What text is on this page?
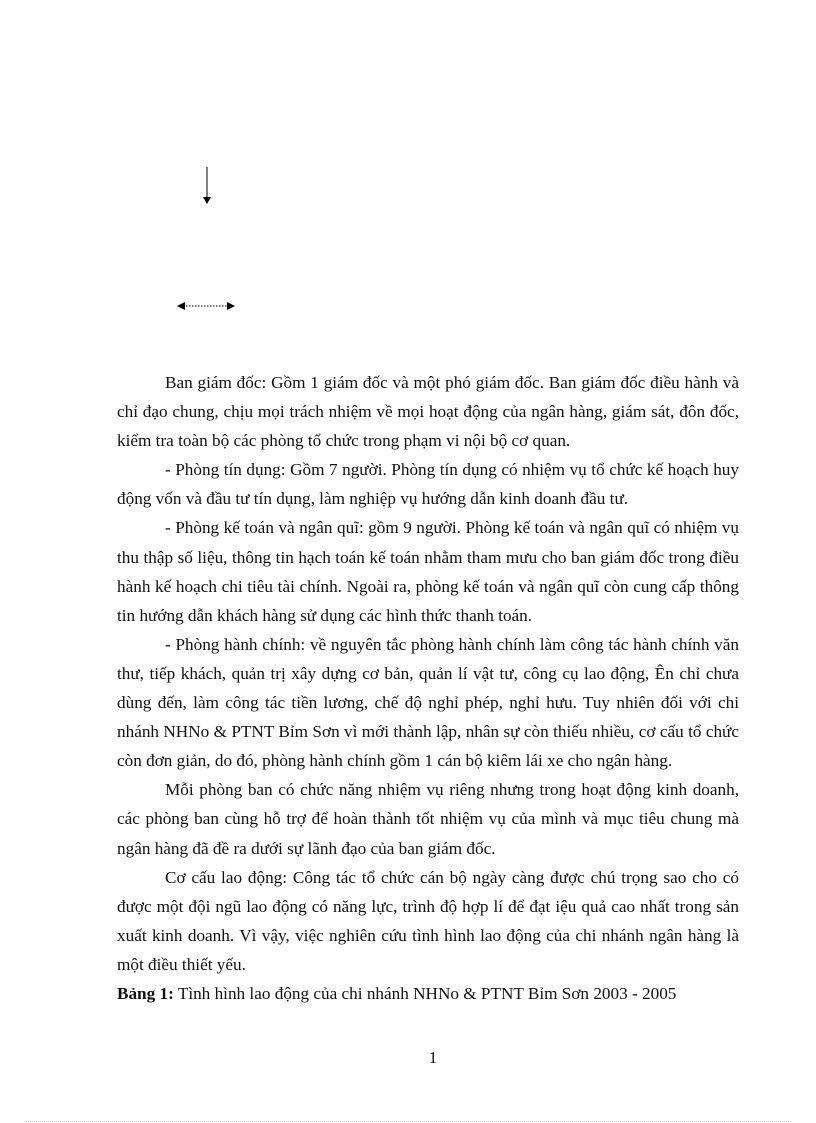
Ban giám đốc: Gồm 1 giám đốc và một phó giám đốc. Ban giám đốc điều hành và chỉ đạo chung, chịu mọi trách nhiệm về mọi hoạt động của ngân hàng, giám sát, đôn đốc, kiểm tra toàn bộ các phòng tổ chức trong phạm vi nội bộ cơ quan.

- Phòng tín dụng: Gồm 7 người. Phòng tín dụng có nhiệm vụ tổ chức kế hoạch huy động vốn và đầu tư tín dụng, làm nghiệp vụ hướng dẫn kinh doanh đầu tư.

- Phòng kế toán và ngân quĩ: gồm 9 người. Phòng kế toán và ngân quĩ có nhiệm vụ thu thập số liệu, thông tin hạch toán kế toán nhằm tham mưu cho ban giám đốc trong điều hành kế hoạch chi tiêu tài chính. Ngoài ra, phòng kế toán và ngân quĩ còn cung cấp thông tin hướng dẫn khách hàng sử dụng các hình thức thanh toán.

- Phòng hành chính: về nguyên tắc phòng hành chính làm công tác hành chính văn thư, tiếp khách, quản trị xây dựng cơ bản, quản lí vật tư, công cụ lao động, Ên chỉ chưa dùng đến, làm công tác tiền lương, chế độ nghỉ phép, nghỉ hưu. Tuy nhiên đối với chi nhánh NHNo & PTNT Bỉm Sơn vì mới thành lập, nhân sự còn thiếu nhiều, cơ cấu tổ chức còn đơn giản, do đó, phòng hành chính gồm 1 cán bộ kiêm lái xe cho ngân hàng.

Mỗi phòng ban có chức năng nhiệm vụ riêng nhưng trong hoạt động kinh doanh, các phòng ban cùng hỗ trợ để hoàn thành tốt nhiệm vụ của mình và mục tiêu chung mà ngân hàng đã đề ra dưới sự lãnh đạo của ban giám đốc.

Cơ cấu lao động: Công tác tổ chức cán bộ ngày càng được chú trọng sao cho có được một đội ngũ lao động có năng lực, trình độ hợp lí để đạt iệu quả cao nhất trong sản xuất kinh doanh. Vì vậy, việc nghiên cứu tình hình lao động của chi nhánh ngân hàng là một điều thiết yếu.

Bảng 1: Tình hình lao động của chi nhánh NHNo & PTNT Bỉm Sơn 2003 - 2005

1
